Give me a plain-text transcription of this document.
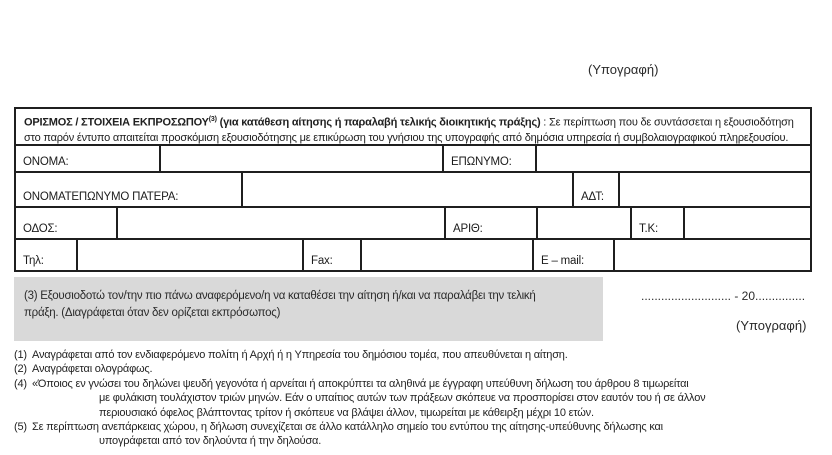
(Υπογραφή)
ΟΡΙΣΜΟΣ / ΣΤΟΙΧΕΙΑ ΕΚΠΡΟΣΩΠΟΥ$^{(3)}$ (για κατάθεση αίτησης ή παραλαβή τελικής διοικητικής πράξης) : Σε περίπτωση που δε συντάσσεται η εξουσιοδότηση στο παρόν έντυπο απαιτείται προσκόμιση εξουσιοδότησης με επικύρωση του γνήσιου της υπογραφής από δημόσια υπηρεσία ή συμβολαιογραφικού πληρεξουσίου.
ΟΝΟΜΑ:	ΕΠΩΝΥΜΟ:
ΟΝΟΜΑΤΕΠΩΝΥΜΟ ΠΑΤΕΡΑ:	ΑΔΤ:
ΟΔΟΣ:	ΑΡΙΘ:	Τ.Κ:
Τηλ:	Fax:	E – mail:
(3) Εξουσιοδοτώ τον/την πιο πάνω αναφερόμενο/η να καταθέσει την αίτηση ή/και να παραλάβει την τελική
πράξη. (Διαγράφεται όταν δεν ορίζεται εκπρόσωπος)
........................... - 20...............
(Υπογραφή)
(1) Αναγράφεται από τον ενδιαφερόμενο πολίτη ή Αρχή ή η Υπηρεσία του δημόσιου τομέα, που απευθύνεται η αίτηση.
(2) Αναγράφεται ολογράφως.
(4) «Όποιος εν γνώσει του δηλώνει ψευδή γεγονότα ή αρνείται ή αποκρύπτει τα αληθινά με έγγραφη υπεύθυνη δήλωση του άρθρου 8 τιμωρείται
με φυλάκιση τουλάχιστον τριών μηνών. Εάν ο υπαίτιος αυτών των πράξεων σκόπευε να προσπορίσει στον εαυτόν του ή σε άλλον
περιουσιακό όφελος βλάπτοντας τρίτον ή σκόπευε να βλάψει άλλον, τιμωρείται με κάθειρξη μέχρι 10 ετών.
(5) Σε περίπτωση ανεπάρκειας χώρου, η δήλωση συνεχίζεται σε άλλο κατάλληλο σημείο του εντύπου της αίτησης-υπεύθυνης δήλωσης και
υπογράφεται από τον δηλούντα ή την δηλούσα.
